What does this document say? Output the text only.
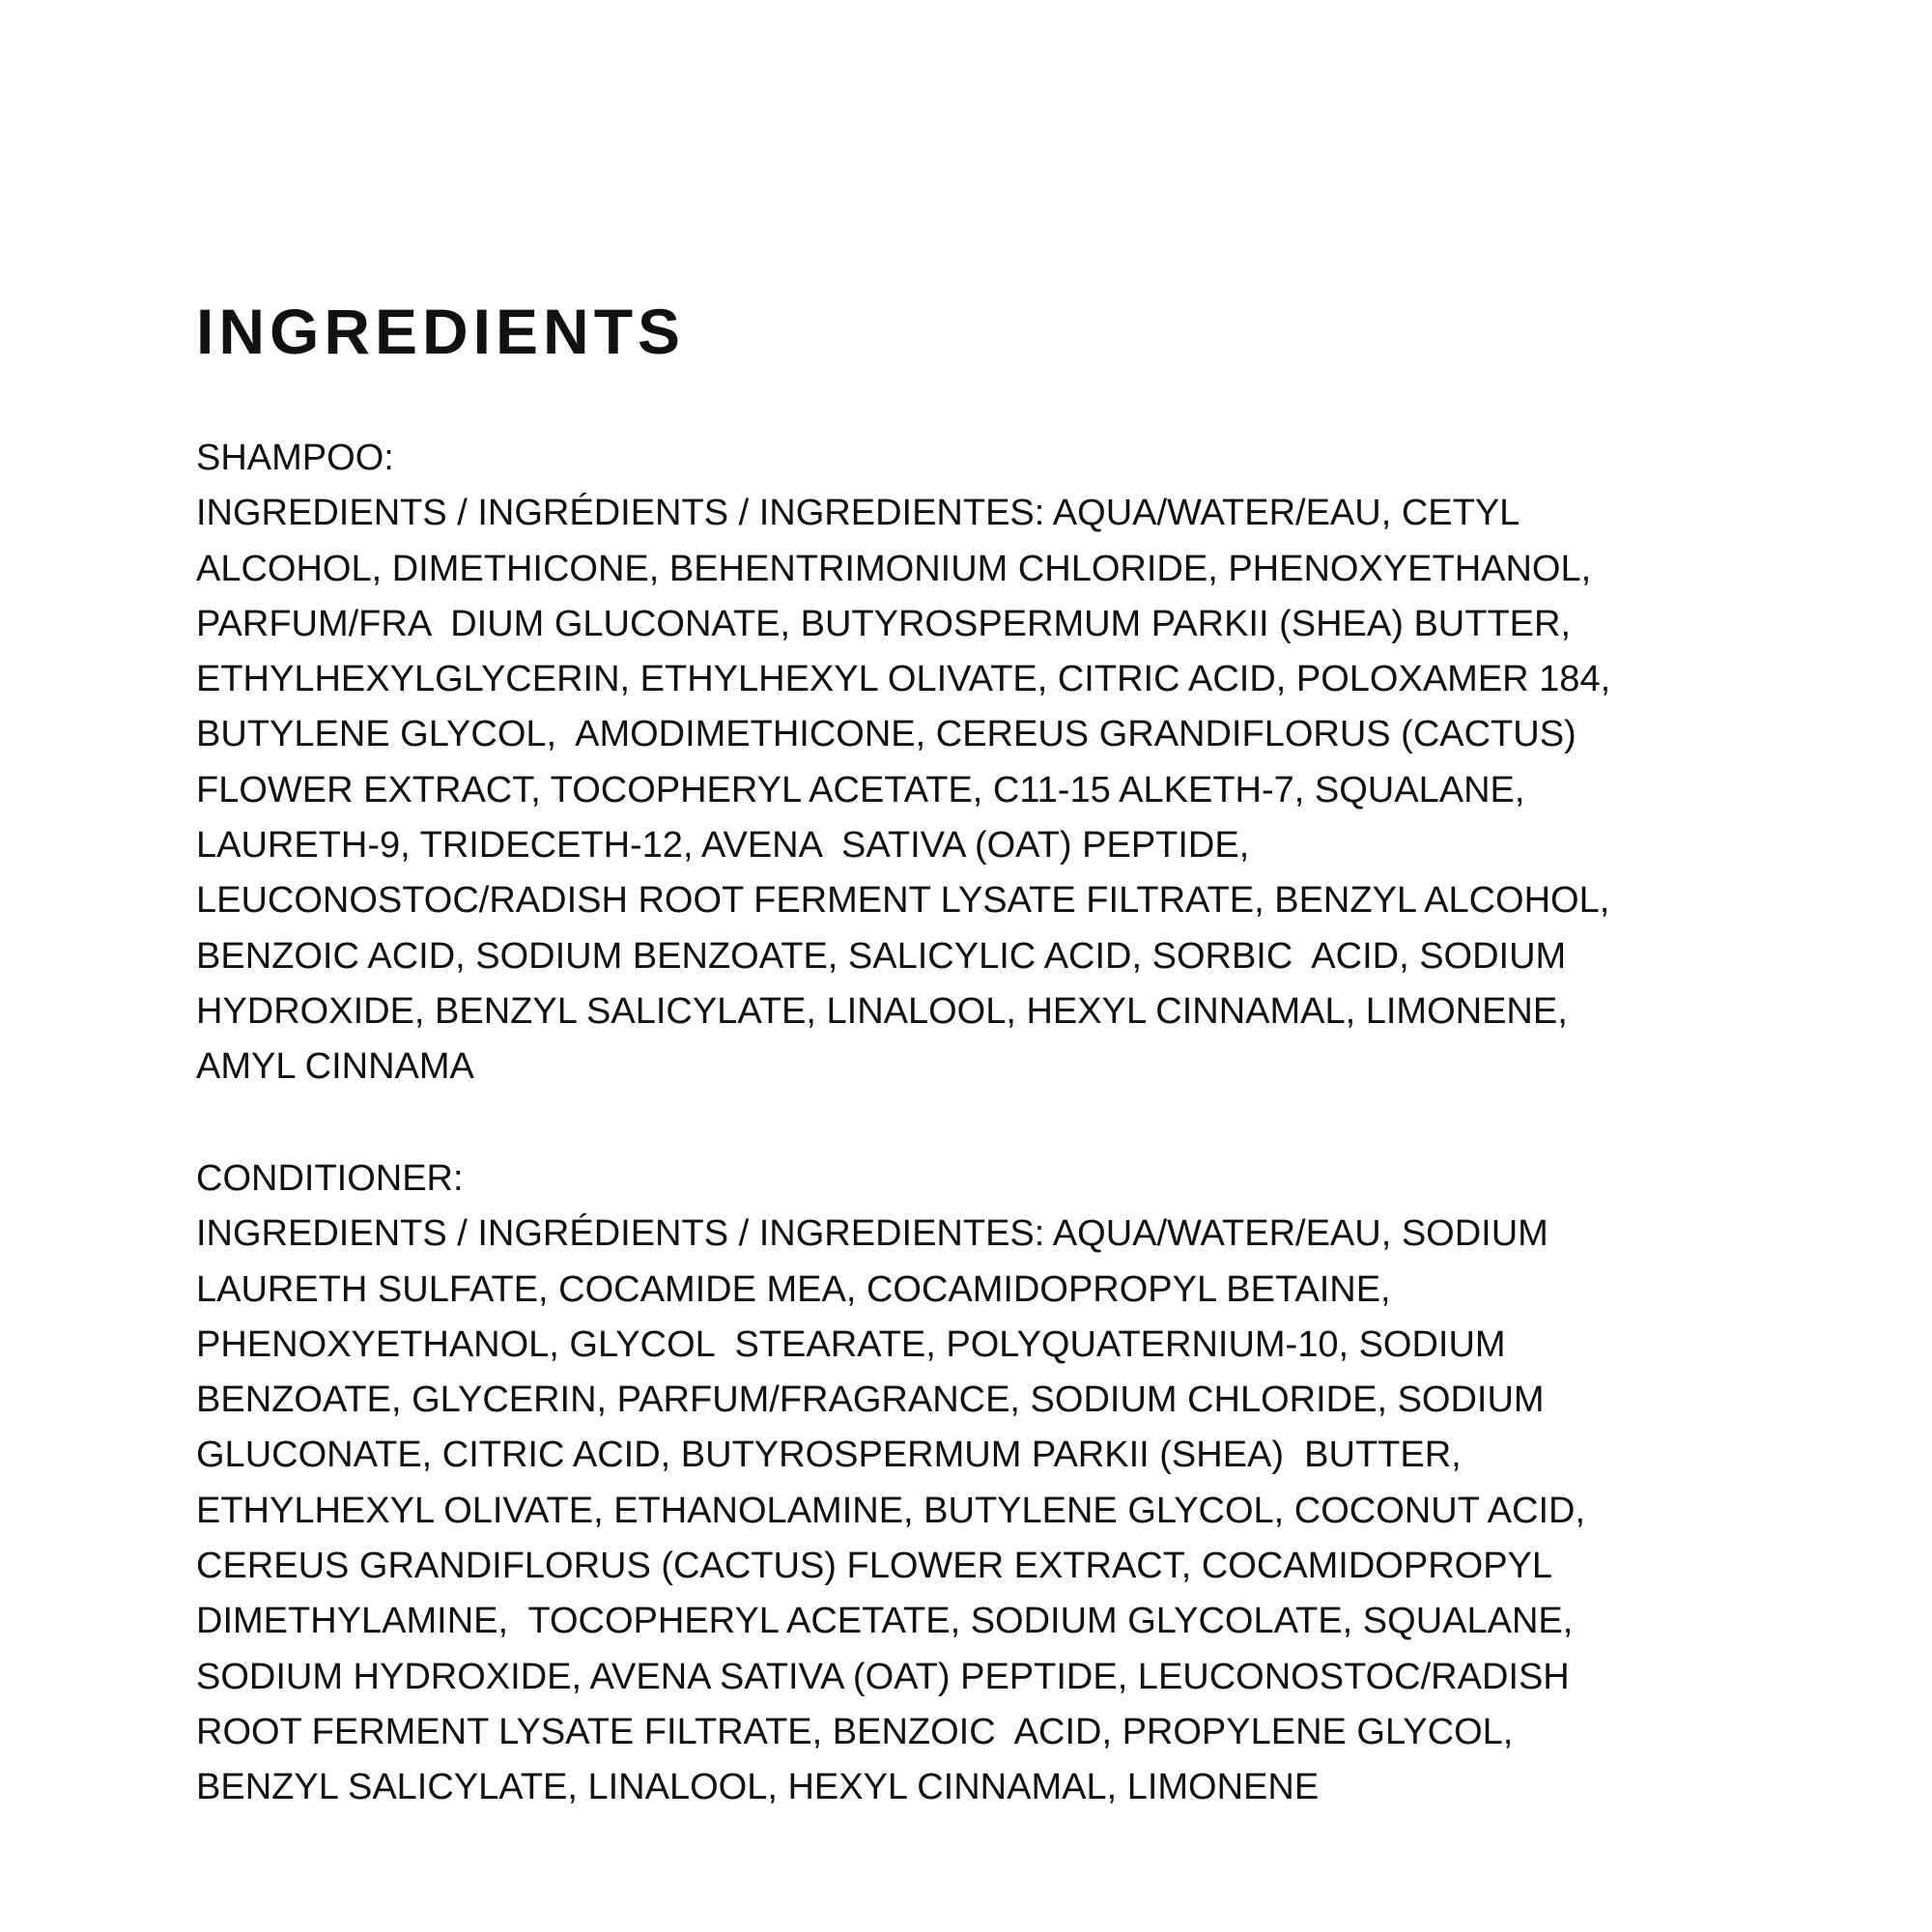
INGREDIENTS
SHAMPOO:
INGREDIENTS / INGRÉDIENTS / INGREDIENTES: AQUA/WATER/EAU, CETYL
ALCOHOL, DIMETHICONE, BEHENTRIMONIUM CHLORIDE, PHENOXYETHANOL,
PARFUM/FRA  DIUM GLUCONATE, BUTYROSPERMUM PARKII (SHEA) BUTTER,
ETHYLHEXYLGLYCERIN, ETHYLHEXYL OLIVATE, CITRIC ACID, POLOXAMER 184,
BUTYLENE GLYCOL,  AMODIMETHICONE, CEREUS GRANDIFLORUS (CACTUS)
FLOWER EXTRACT, TOCOPHERYL ACETATE, C11-15 ALKETH-7, SQUALANE,
LAURETH-9, TRIDECETH-12, AVENA  SATIVA (OAT) PEPTIDE,
LEUCONOSTOC/RADISH ROOT FERMENT LYSATE FILTRATE, BENZYL ALCOHOL,
BENZOIC ACID, SODIUM BENZOATE, SALICYLIC ACID, SORBIC  ACID, SODIUM
HYDROXIDE, BENZYL SALICYLATE, LINALOOL, HEXYL CINNAMAL, LIMONENE,
AMYL CINNAMA
CONDITIONER:
INGREDIENTS / INGRÉDIENTS / INGREDIENTES: AQUA/WATER/EAU, SODIUM
LAURETH SULFATE, COCAMIDE MEA, COCAMIDOPROPYL BETAINE,
PHENOXYETHANOL, GLYCOL  STEARATE, POLYQUATERNIUM-10, SODIUM
BENZOATE, GLYCERIN, PARFUM/FRAGRANCE, SODIUM CHLORIDE, SODIUM
GLUCONATE, CITRIC ACID, BUTYROSPERMUM PARKII (SHEA)  BUTTER,
ETHYLHEXYL OLIVATE, ETHANOLAMINE, BUTYLENE GLYCOL, COCONUT ACID,
CEREUS GRANDIFLORUS (CACTUS) FLOWER EXTRACT, COCAMIDOPROPYL
DIMETHYLAMINE,  TOCOPHERYL ACETATE, SODIUM GLYCOLATE, SQUALANE,
SODIUM HYDROXIDE, AVENA SATIVA (OAT) PEPTIDE, LEUCONOSTOC/RADISH
ROOT FERMENT LYSATE FILTRATE, BENZOIC  ACID, PROPYLENE GLYCOL,
BENZYL SALICYLATE, LINALOOL, HEXYL CINNAMAL, LIMONENE
